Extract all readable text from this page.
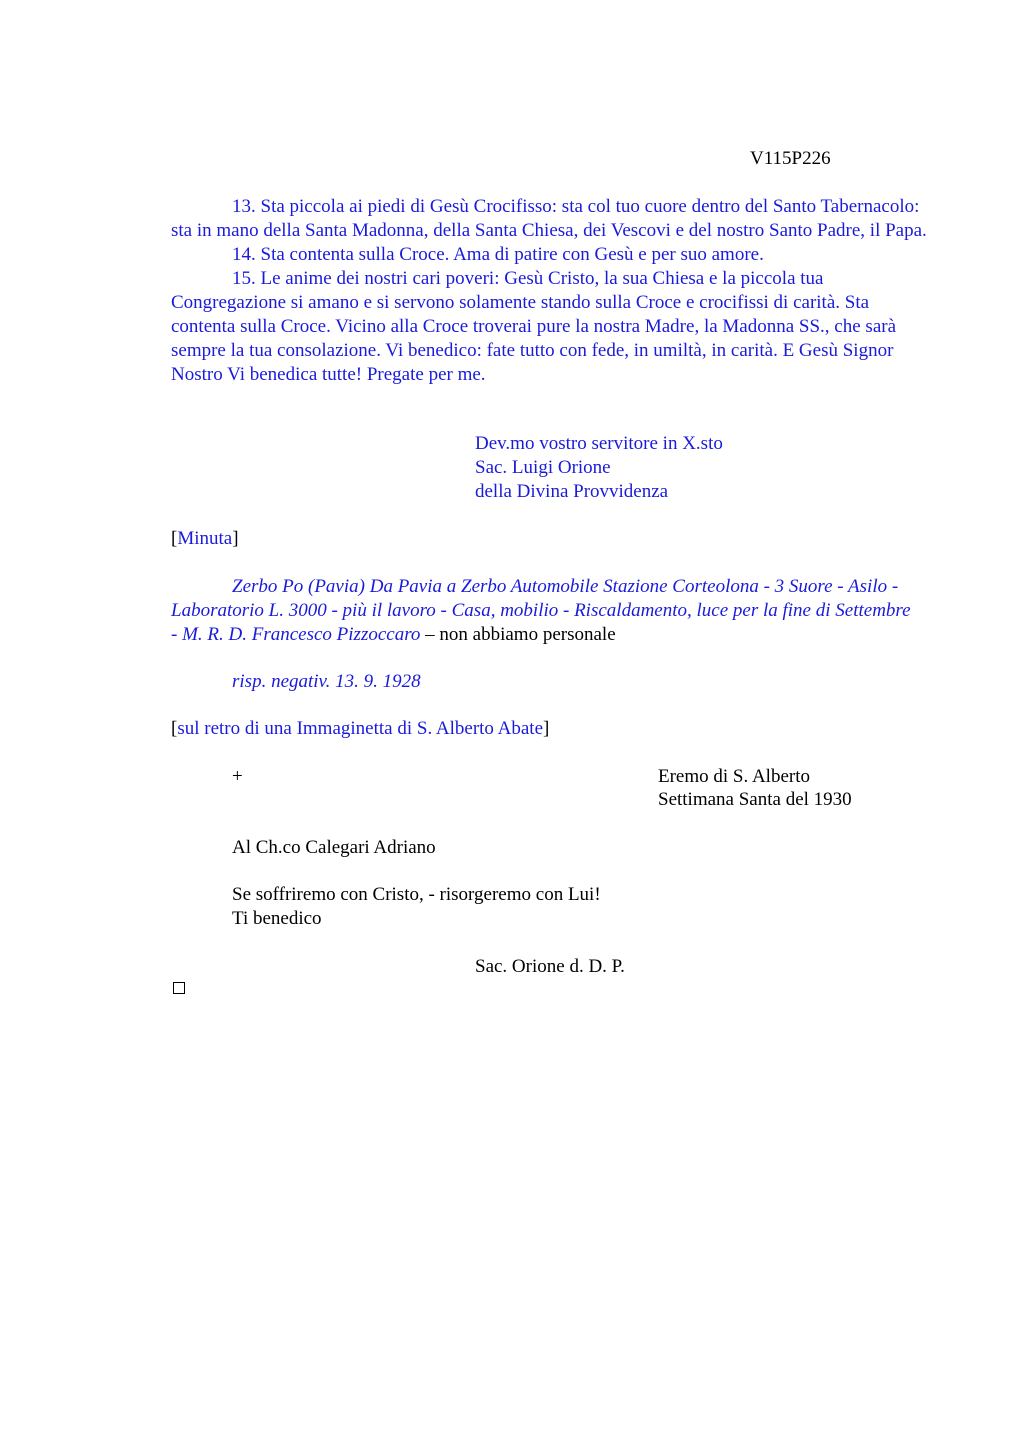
V115P226

13. Sta piccola ai piedi di Gesù Crocifisso: sta col tuo cuore dentro del Santo Tabernacolo: sta in mano della Santa Madonna, della Santa Chiesa, dei Vescovi e del nostro Santo Padre, il Papa.

14. Sta contenta sulla Croce. Ama di patire con Gesù e per suo amore.

15. Le anime dei nostri cari poveri: Gesù Cristo, la sua Chiesa e la piccola tua Congregazione si amano e si servono solamente stando sulla Croce e crocifissi di carità. Sta contenta sulla Croce. Vicino alla Croce troverai pure la nostra Madre, la Madonna SS., che sarà sempre la tua consolazione. Vi benedico: fate tutto con fede, in umiltà, in carità. E Gesù Signor Nostro Vi benedica tutte! Pregate per me.

Dev.mo vostro servitore in X.sto
Sac. Luigi Orione
della Divina Provvidenza
[Minuta]

Zerbo Po (Pavia) Da Pavia a Zerbo Automobile Stazione Corteolona - 3 Suore - Asilo - Laboratorio L. 3000 - più il lavoro - Casa, mobilio - Riscaldamento, luce per la fine di Settembre - M. R. D. Francesco Pizzoccaro – non abbiamo personale

risp. negativ. 13. 9. 1928
[sul retro di una Immaginetta di S. Alberto Abate]
+	Eremo di S. Alberto
Settimana Santa del 1930
Al Ch.co Calegari Adriano
Se soffriremo con Cristo, - risorgeremo con Lui!
Ti benedico
Sac. Orione d. D. P.
